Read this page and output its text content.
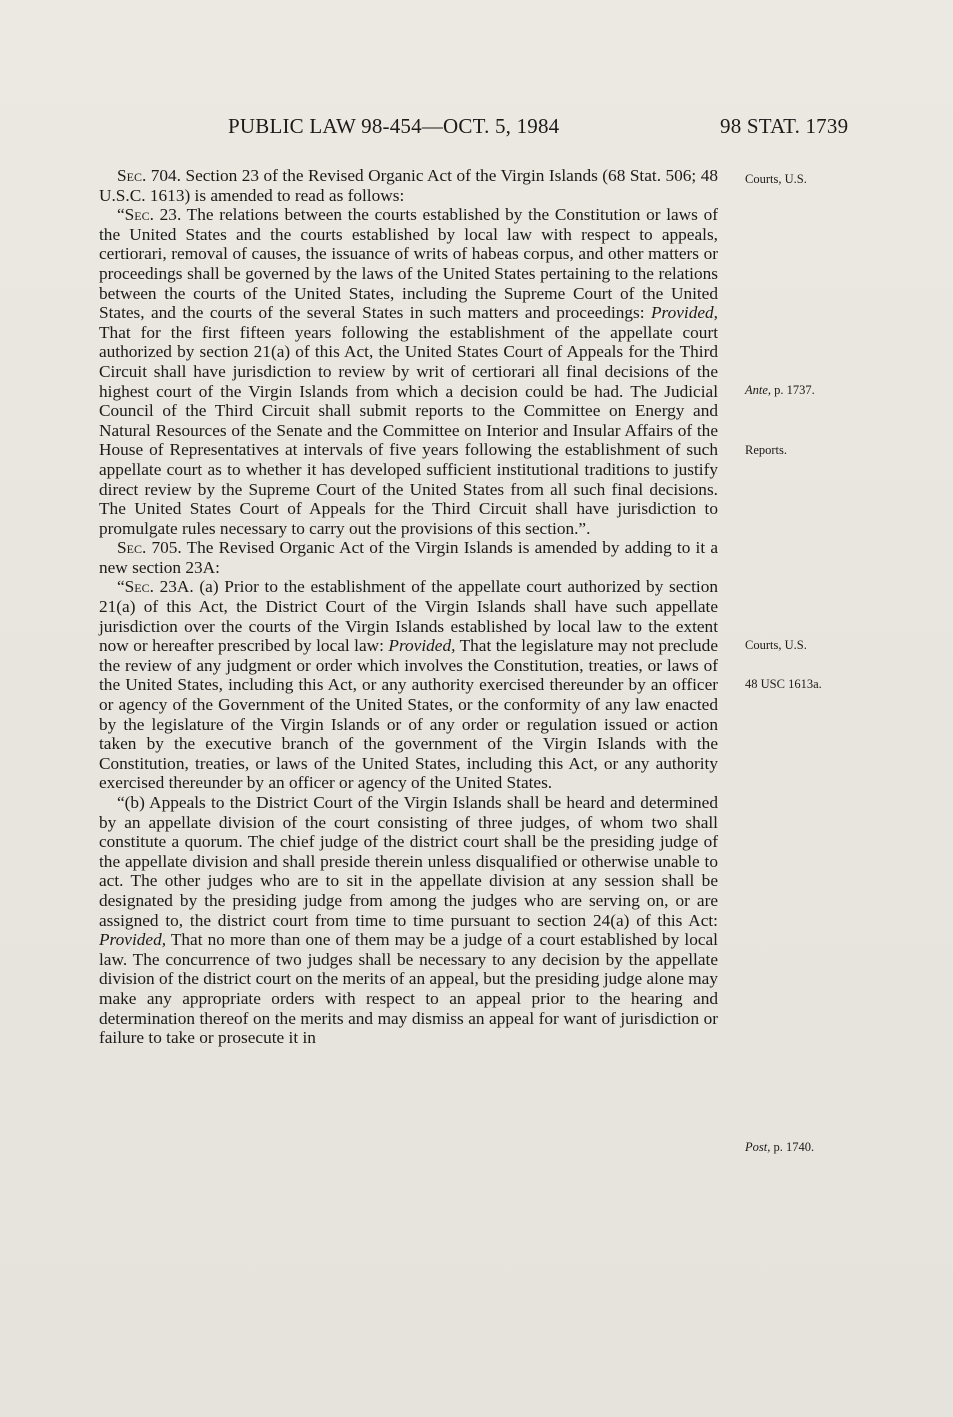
PUBLIC LAW 98-454—OCT. 5, 1984	98 STAT. 1739

Sec. 704. Section 23 of the Revised Organic Act of the Virgin Islands (68 Stat. 506; 48 U.S.C. 1613) is amended to read as follows:

“Sec. 23. The relations between the courts established by the Constitution or laws of the United States and the courts established by local law with respect to appeals, certiorari, removal of causes, the issuance of writs of habeas corpus, and other matters or proceedings shall be governed by the laws of the United States pertaining to the relations between the courts of the United States, including the Supreme Court of the United States, and the courts of the several States in such matters and proceedings: Provided, That for the first fifteen years following the establishment of the appellate court authorized by section 21(a) of this Act, the United States Court of Appeals for the Third Circuit shall have jurisdiction to review by writ of certiorari all final decisions of the highest court of the Virgin Islands from which a decision could be had. The Judicial Council of the Third Circuit shall submit reports to the Committee on Energy and Natural Resources of the Senate and the Committee on Interior and Insular Affairs of the House of Representatives at intervals of five years following the establishment of such appellate court as to whether it has developed sufficient institutional traditions to justify direct review by the Supreme Court of the United States from all such final decisions. The United States Court of Appeals for the Third Circuit shall have jurisdiction to promulgate rules necessary to carry out the provisions of this section.”.

Sec. 705. The Revised Organic Act of the Virgin Islands is amended by adding to it a new section 23A:

“Sec. 23A. (a) Prior to the establishment of the appellate court authorized by section 21(a) of this Act, the District Court of the Virgin Islands shall have such appellate jurisdiction over the courts of the Virgin Islands established by local law to the extent now or hereafter prescribed by local law: Provided, That the legislature may not preclude the review of any judgment or order which involves the Constitution, treaties, or laws of the United States, including this Act, or any authority exercised thereunder by an officer or agency of the Government of the United States, or the conformity of any law enacted by the legislature of the Virgin Islands or of any order or regulation issued or action taken by the executive branch of the government of the Virgin Islands with the Constitution, treaties, or laws of the United States, including this Act, or any authority exercised thereunder by an officer or agency of the United States.

“(b) Appeals to the District Court of the Virgin Islands shall be heard and determined by an appellate division of the court consisting of three judges, of whom two shall constitute a quorum. The chief judge of the district court shall be the presiding judge of the appellate division and shall preside therein unless disqualified or otherwise unable to act. The other judges who are to sit in the appellate division at any session shall be designated by the presiding judge from among the judges who are serving on, or are assigned to, the district court from time to time pursuant to section 24(a) of this Act: Provided, That no more than one of them may be a judge of a court established by local law. The concurrence of two judges shall be necessary to any decision by the appellate division of the district court on the merits of an appeal, but the presiding judge alone may make any appropriate orders with respect to an appeal prior to the hearing and determination thereof on the merits and may dismiss an appeal for want of jurisdiction or failure to take or prosecute it in

Courts, U.S.
Ante, p. 1737.
Reports.
Courts, U.S.
48 USC 1613a.
Post, p. 1740.
